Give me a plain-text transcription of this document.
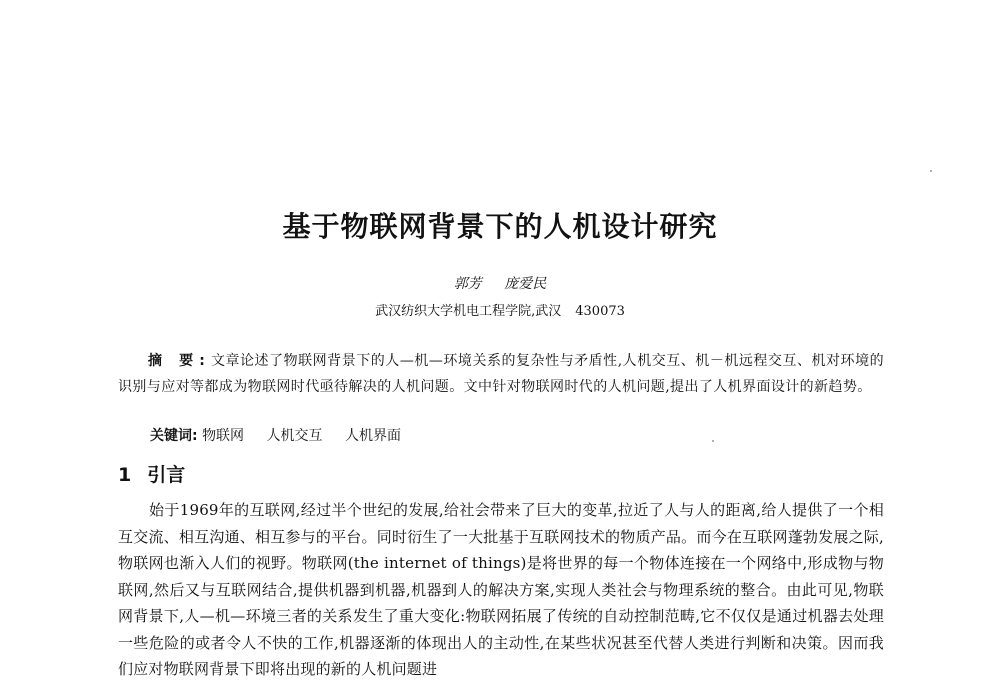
基于物联网背景下的人机设计研究
郭芳 庞爱民
武汉纺织大学机电工程学院,武汉 430073
摘 要:文章论述了物联网背景下的人—机—环境关系的复杂性与矛盾性,人机交互、机－机远程交互、机对环境的识别与应对等都成为物联网时代亟待解决的人机问题。文中针对物联网时代的人机问题,提出了人机界面设计的新趋势。
关键词: 物联网 人机交互 人机界面
1 引言
始于1969年的互联网,经过半个世纪的发展,给社会带来了巨大的变革,拉近了人与人的距离,给人提供了一个相互交流、相互沟通、相互参与的平台。同时衍生了一大批基于互联网技术的物质产品。而今在互联网蓬勃发展之际,物联网也渐入人们的视野。物联网(the internet of things)是将世界的每一个物体连接在一个网络中,形成物与物联网,然后又与互联网结合,提供机器到机器,机器到人的解决方案,实现人类社会与物理系统的整合。由此可见,物联网背景下,人—机—环境三者的关系发生了重大变化:物联网拓展了传统的自动控制范畴,它不仅仅是通过机器去处理一些危险的或者令人不快的工作,机器逐渐的体现出人的主动性,在某些状况甚至代替人类进行判断和决策。因而我们应对物联网背景下即将出现的新的人机问题进
